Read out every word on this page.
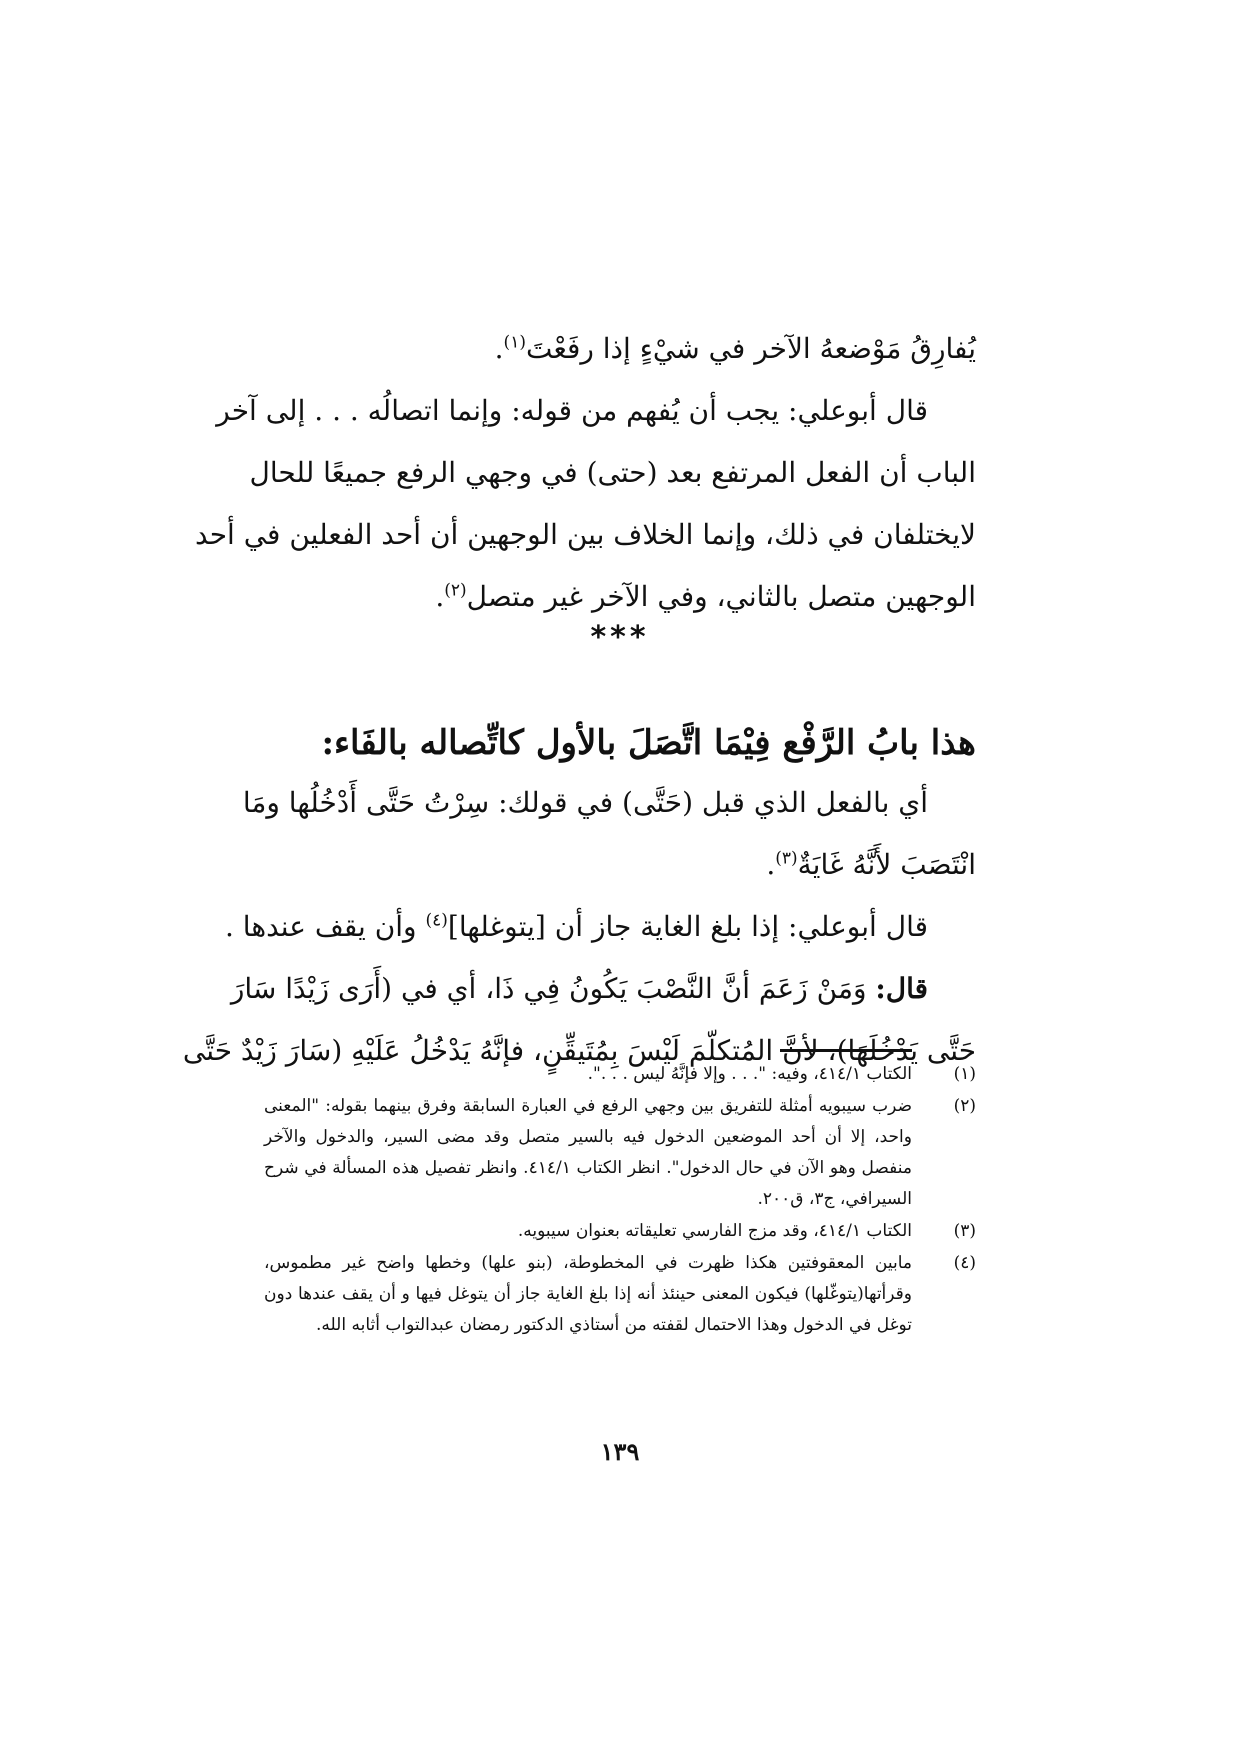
يُفارِقُ مَوْضعهُ الآخر في شيْءٍ إذا رفَعْتَ$^{(١)}$.

قال أبوعلي: يجب أن يُفهم من قوله: وإنما اتصالُه . . . إلى آخر

الباب أن الفعل المرتفع بعد (حتى) في وجهي الرفع جميعًا للحال

لايختلفان في ذلك، وإنما الخلاف بين الوجهين أن أحد الفعلين في أحد

الوجهين متصل بالثاني، وفي الآخر غير متصل$^{(٢)}$.

***
هذا بابُ الرَّفْع فِيْمَا اتَّصَلَ بالأول كاتِّصاله بالفَاء:

أي بالفعل الذي قبل (حَتَّى) في قولك: سِرْتُ حَتَّى أَدْخُلُها ومَا

انْتَصَبَ لأَنَّهُ غَايَةٌ$^{(٣)}$.

قال أبوعلي: إذا بلغ الغاية جاز أن [يتوغلها]$^{(٤)}$ وأن يقف عندها .

قال: وَمَنْ زَعَمَ أنَّ النَّصْبَ يَكُونُ فِي ذَا، أي في (أَرَى زَيْدًا سَارَ

حَتَّى يَدْخُلَهَا)، لأنَّ المُتكلّمَ لَيْسَ بِمُتَيقِّنٍ، فإنَّهُ يَدْخُلُ عَلَيْهِ (سَارَ زَيْدٌ حَتَّى

(١)
الكتاب ٤١٤/١، وفيه: ". . . وإلا فإنَّهُ ليس . . .".
(٢)
ضرب سيبويه أمثلة للتفريق بين وجهي الرفع في العبارة السابقة وفرق بينهما بقوله: "المعنى واحد، إلا أن أحد الموضعين الدخول فيه بالسير متصل وقد مضى السير، والدخول والآخر منفصل وهو الآن في حال الدخول". انظر الكتاب ٤١٤/١. وانظر تفصيل هذه المسألة في شرح السيرافي، ج٣، ق٢٠٠.
(٣)
الكتاب ٤١٤/١، وقد مزج الفارسي تعليقاته بعنوان سيبويه.
(٤)
مابين المعقوفتين هكذا ظهرت في المخطوطة، (بنو علها) وخطها واضح غير مطموس، وقرأتها(يتوغّلها) فيكون المعنى حينئذ أنه إذا بلغ الغاية جاز أن يتوغل فيها و أن يقف عندها دون توغل في الدخول وهذا الاحتمال لقفته من أستاذي الدكتور رمضان عبدالتواب أثابه الله.
١٣٩
